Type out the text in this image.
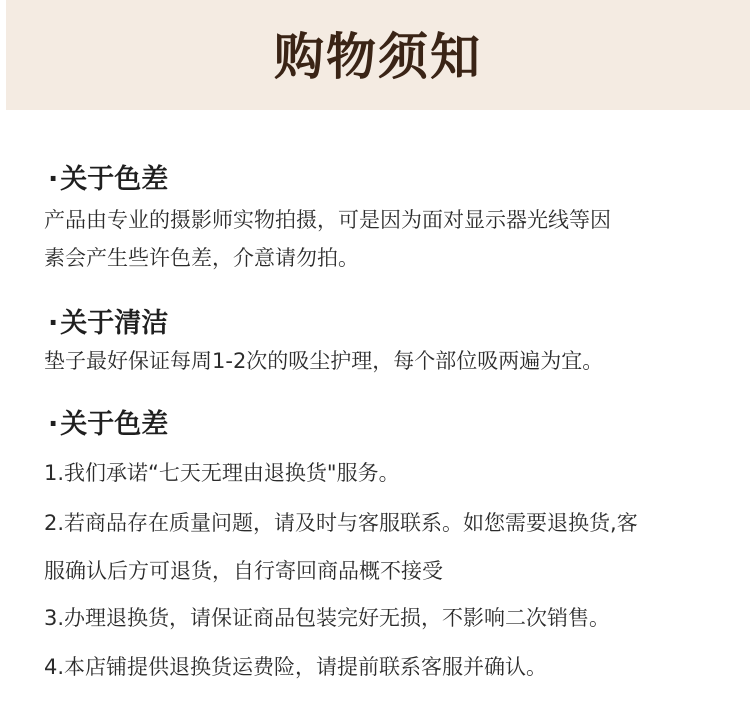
购物须知
·关于色差
产品由专业的摄影师实物拍摄，可是因为面对显示器光线等因
素会产生些许色差，介意请勿拍。
·关于清洁
垫子最好保证每周1-2次的吸尘护理，每个部位吸两遍为宜。
·关于色差
1.我们承诺“七天无理由退换货"服务。
2.若商品存在质量问题，请及时与客服联系。如您需要退换货,客
服确认后方可退货，自行寄回商品概不接受
3.办理退换货，请保证商品包装完好无损，不影响二次销售。
4.本店铺提供退换货运费险，请提前联系客服并确认。
